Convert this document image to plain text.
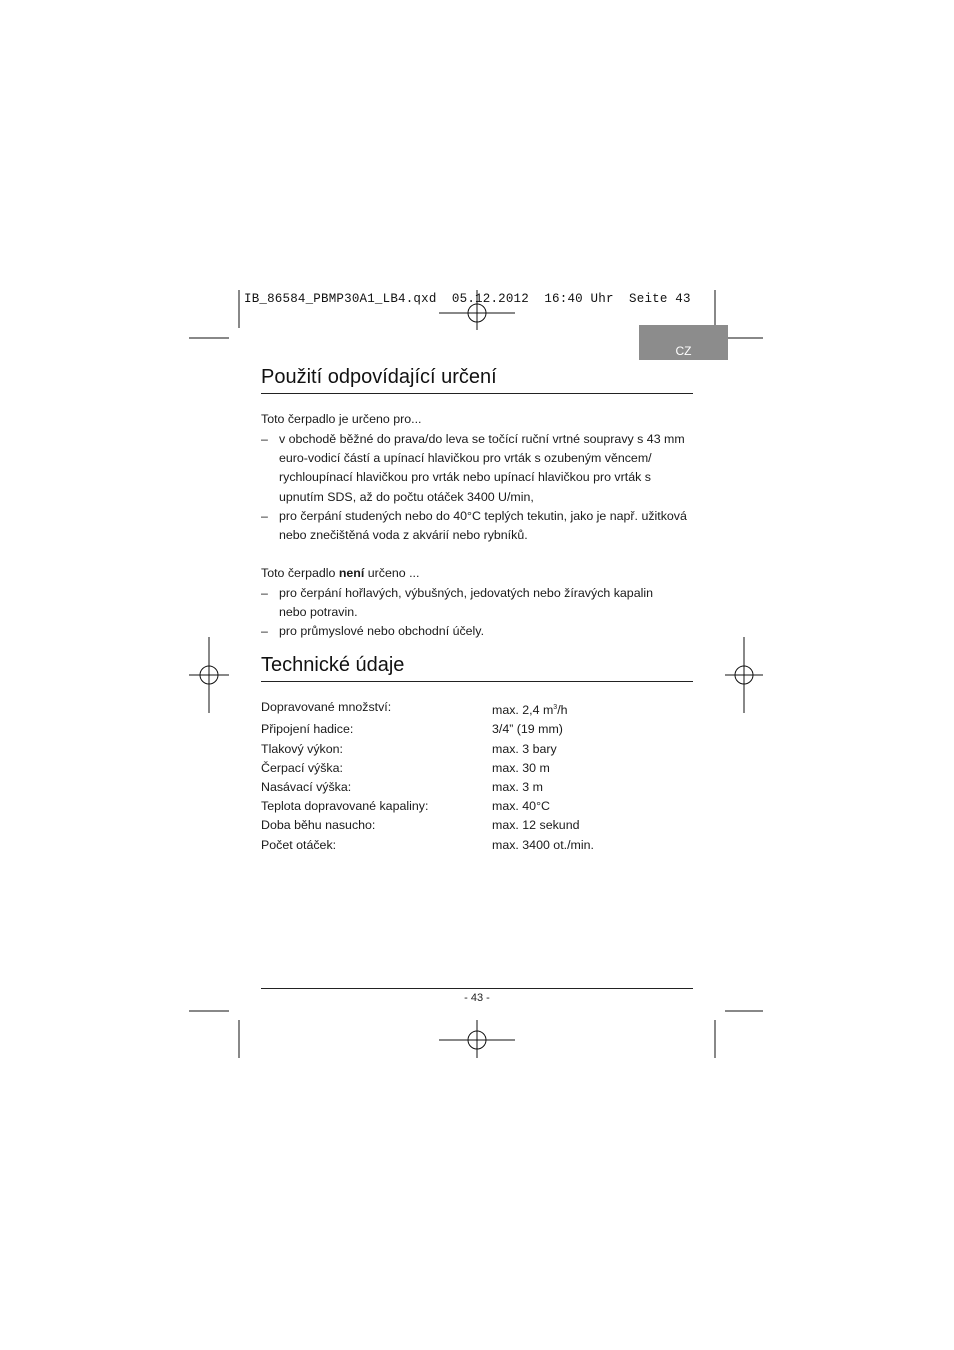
IB_86584_PBMP30A1_LB4.qxd  05.12.2012  16:40 Uhr  Seite 43
CZ
Použití odpovídající určení
Toto čerpadlo je určeno pro...
– v obchodě běžné do prava/do leva se točící ruční vrtné soupravy s 43 mm
euro-vodicí částí a upínací hlavičkou pro vrták s ozubeným věncem/
rychloupínací hlavičkou pro vrták nebo upínací hlavičkou pro vrták s
upnutím SDS, až do počtu otáček 3400 U/min,
– pro čerpání studených nebo do 40°C teplých tekutin, jako je např. užitková
nebo znečištěná voda z akvárií nebo rybníků.
Toto čerpadlo není určeno ...
– pro čerpání hořlavých, výbušných, jedovatých nebo žíravých kapalin
nebo potravin.
– pro průmyslové nebo obchodní účely.
Technické údaje
Dopravované množství:	max. 2,4 $m^3/h$
Připojení hadice:	3/4” (19 mm)
Tlakový výkon:	max. 3 bary
Čerpací výška:	max. 30 m
Nasávací výška:	max. 3 m
Teplota dopravované kapaliny:	max. 40°C
Doba běhu nasucho:	max. 12 sekund
Počet otáček:	max. 3400 ot./min.
- 43 -
